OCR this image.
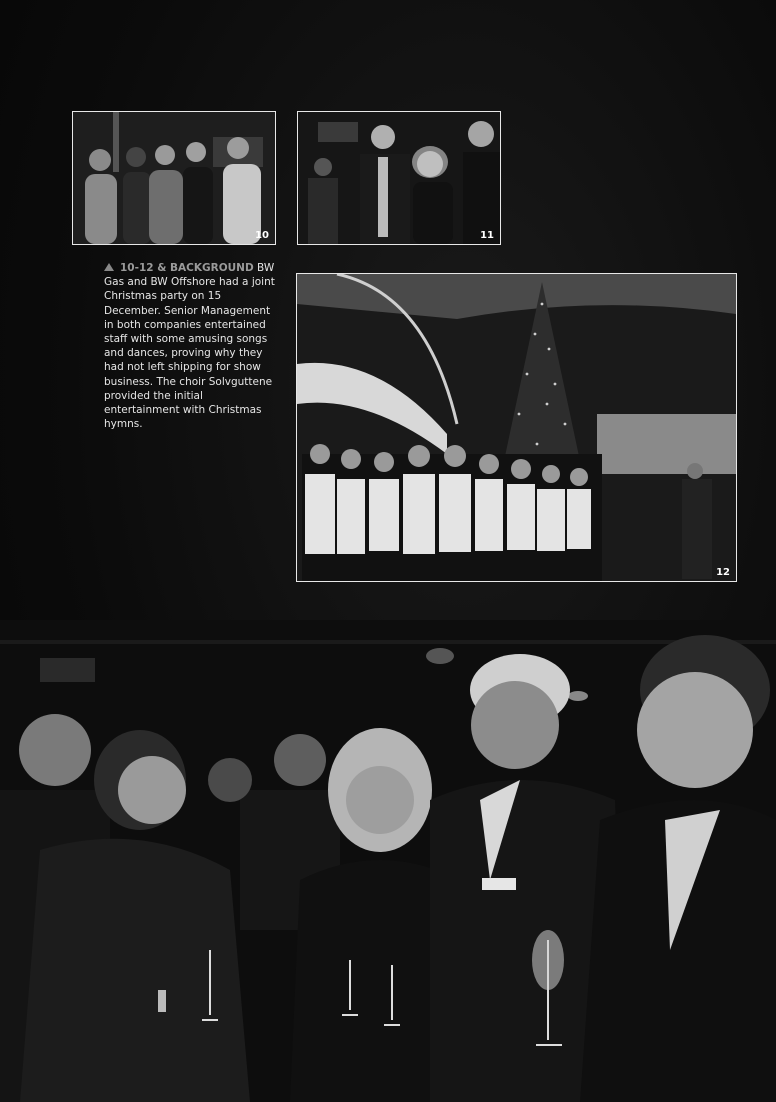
10	11
10-12 & BACKGROUND BW Gas and BW Offshore had a joint Christmas party on 15 December. Senior Management in both companies entertained staff with some amusing songs and dances, proving why they had not left shipping for show business. The choir Solvguttene provided the initial entertainment with Christmas hymns.
12
